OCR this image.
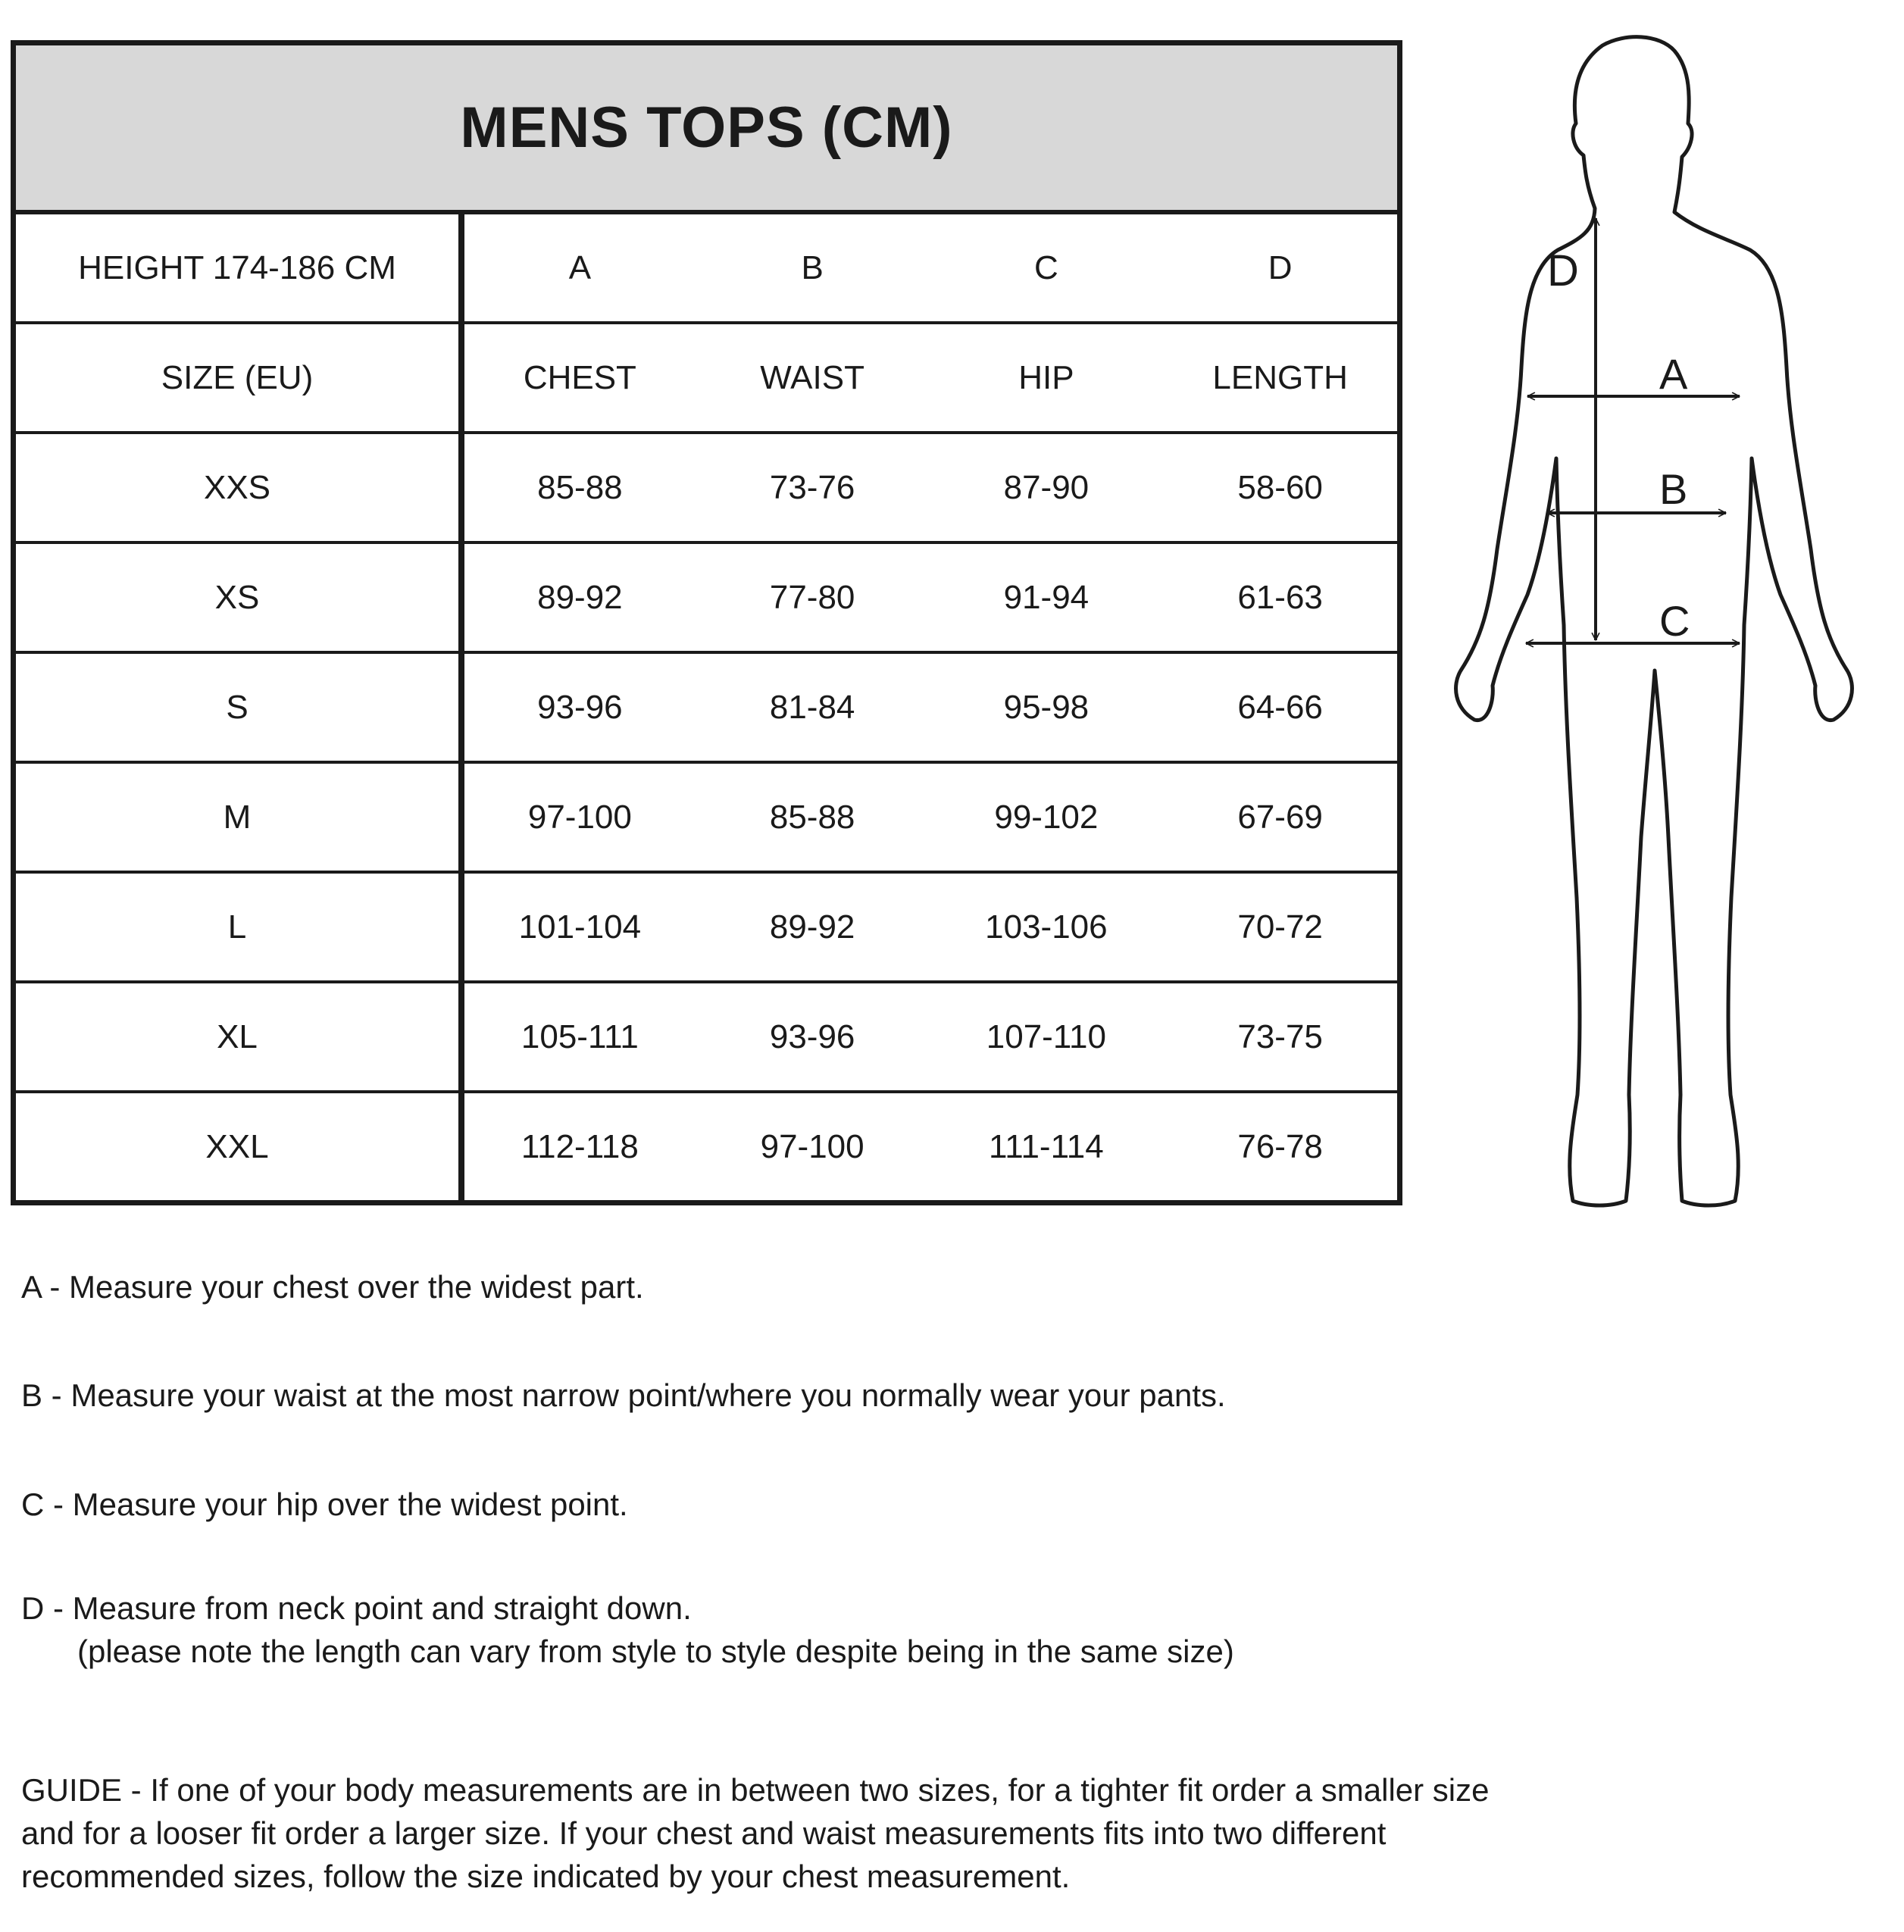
MENS TOPS (CM)
HEIGHT 174-186 CM	A	B	C	D
SIZE (EU)	CHEST	WAIST	HIP	LENGTH
XXS	85-88	73-76	87-90	58-60
XS	89-92	77-80	91-94	61-63
S	93-96	81-84	95-98	64-66
M	97-100	85-88	99-102	67-69
L	101-104	89-92	103-106	70-72
XL	105-111	93-96	107-110	73-75
XXL	112-118	97-100	111-114	76-78
D
A
B
C
A - Measure your chest over the widest part.
B - Measure your waist at the most narrow point/where you normally wear your pants.
C - Measure your hip over the widest point.
D - Measure from neck point and straight down.
(please note the length can vary from style to style despite being in the same size)
GUIDE - If one of your body measurements are in between two sizes, for a tighter fit order a smaller size
and for a looser fit order a larger size. If your chest and waist measurements fits into two different
recommended sizes, follow the size indicated by your chest measurement.
